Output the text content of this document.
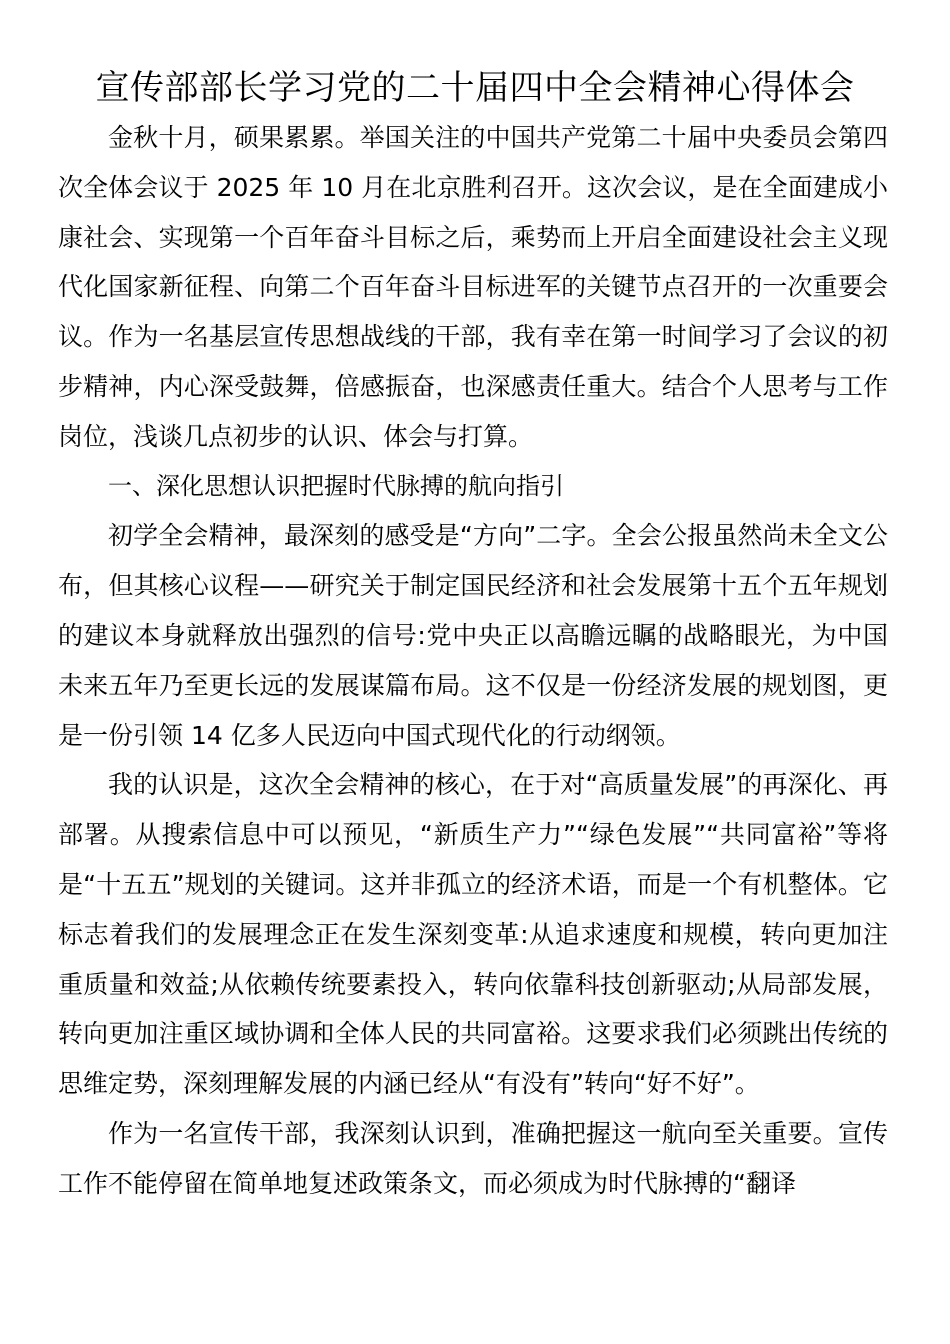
宣传部部长学习党的二十届四中全会精神心得体会

金秋十月，硕果累累。举国关注的中国共产党第二十届中央委员会第四次全体会议于 2025 年 10 月在北京胜利召开。这次会议，是在全面建成小康社会、实现第一个百年奋斗目标之后，乘势而上开启全面建设社会主义现代化国家新征程、向第二个百年奋斗目标进军的关键节点召开的一次重要会议。作为一名基层宣传思想战线的干部，我有幸在第一时间学习了会议的初步精神，内心深受鼓舞，倍感振奋，也深感责任重大。结合个人思考与工作岗位，浅谈几点初步的认识、体会与打算。

一、深化思想认识把握时代脉搏的航向指引

初学全会精神，最深刻的感受是“方向”二字。全会公报虽然尚未全文公布，但其核心议程——研究关于制定国民经济和社会发展第十五个五年规划的建议本身就释放出强烈的信号:党中央正以高瞻远瞩的战略眼光，为中国未来五年乃至更长远的发展谋篇布局。这不仅是一份经济发展的规划图，更是一份引领 14 亿多人民迈向中国式现代化的行动纲领。

我的认识是，这次全会精神的核心，在于对“高质量发展”的再深化、再部署。从搜索信息中可以预见，“新质生产力”“绿色发展”“共同富裕”等将是“十五五”规划的关键词。这并非孤立的经济术语，而是一个有机整体。它标志着我们的发展理念正在发生深刻变革:从追求速度和规模，转向更加注重质量和效益;从依赖传统要素投入，转向依靠科技创新驱动;从局部发展，转向更加注重区域协调和全体人民的共同富裕。这要求我们必须跳出传统的思维定势，深刻理解发展的内涵已经从“有没有”转向“好不好”。

作为一名宣传干部，我深刻认识到，准确把握这一航向至关重要。宣传工作不能停留在简单地复述政策条文，而必须成为时代脉搏的“翻译
